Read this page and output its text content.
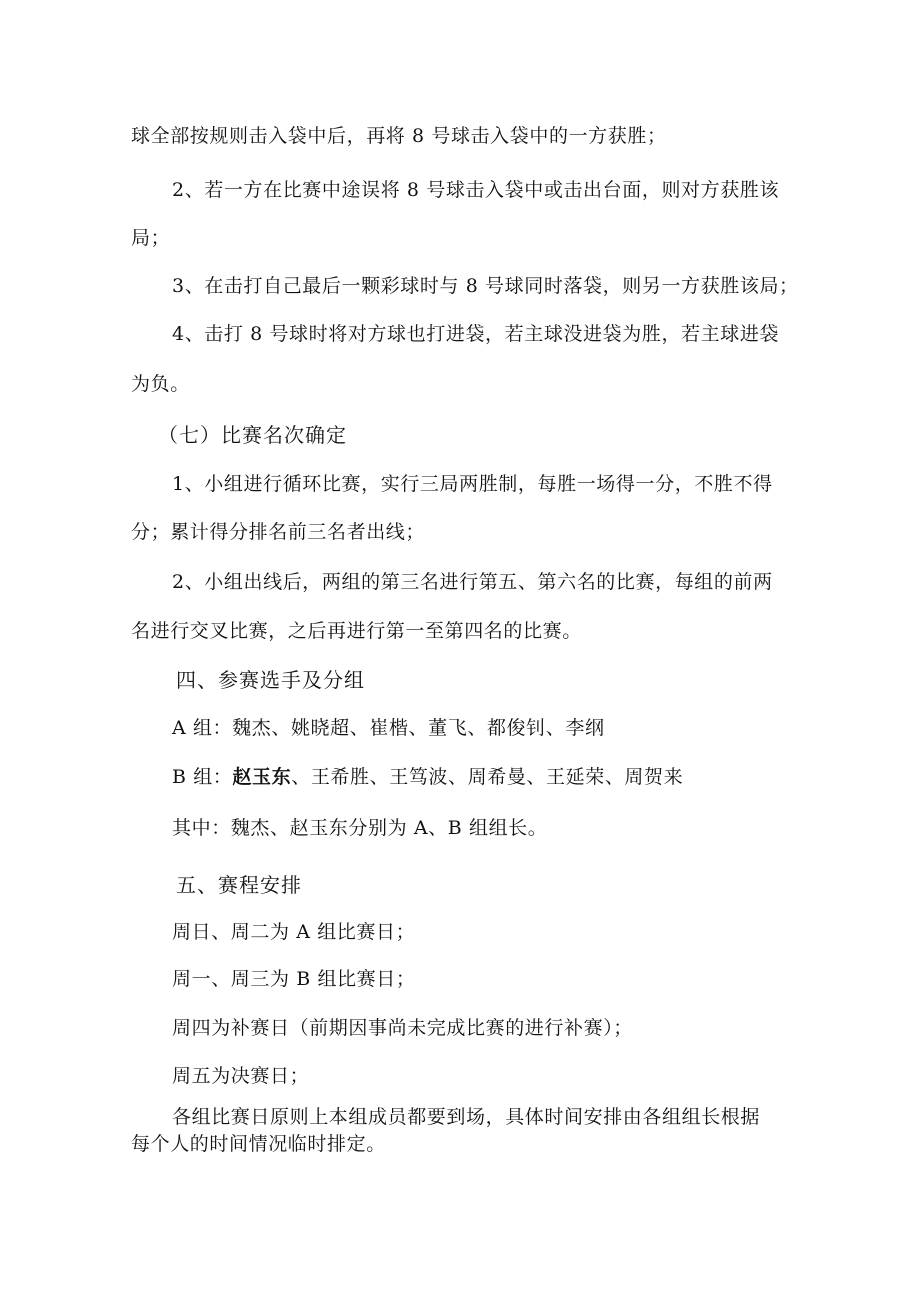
球全部按规则击入袋中后，再将 8 号球击入袋中的一方获胜；
2、若一方在比赛中途误将 8 号球击入袋中或击出台面，则对方获胜该
局；
3、在击打自己最后一颗彩球时与 8 号球同时落袋，则另一方获胜该局；
4、击打 8 号球时将对方球也打进袋，若主球没进袋为胜，若主球进袋
为负。
（七）比赛名次确定
1、小组进行循环比赛，实行三局两胜制，每胜一场得一分，不胜不得
分；累计得分排名前三名者出线；
2、小组出线后，两组的第三名进行第五、第六名的比赛，每组的前两
名进行交叉比赛，之后再进行第一至第四名的比赛。
四、参赛选手及分组
A 组：魏杰、姚晓超、崔楷、董飞、都俊钊、李纲
B 组：赵玉东、王希胜、王笃波、周希曼、王延荣、周贺来
其中：魏杰、赵玉东分别为 A、B 组组长。
五、赛程安排
周日、周二为 A 组比赛日；
周一、周三为 B 组比赛日；
周四为补赛日（前期因事尚未完成比赛的进行补赛）；
周五为决赛日；
各组比赛日原则上本组成员都要到场，具体时间安排由各组组长根据
每个人的时间情况临时排定。
